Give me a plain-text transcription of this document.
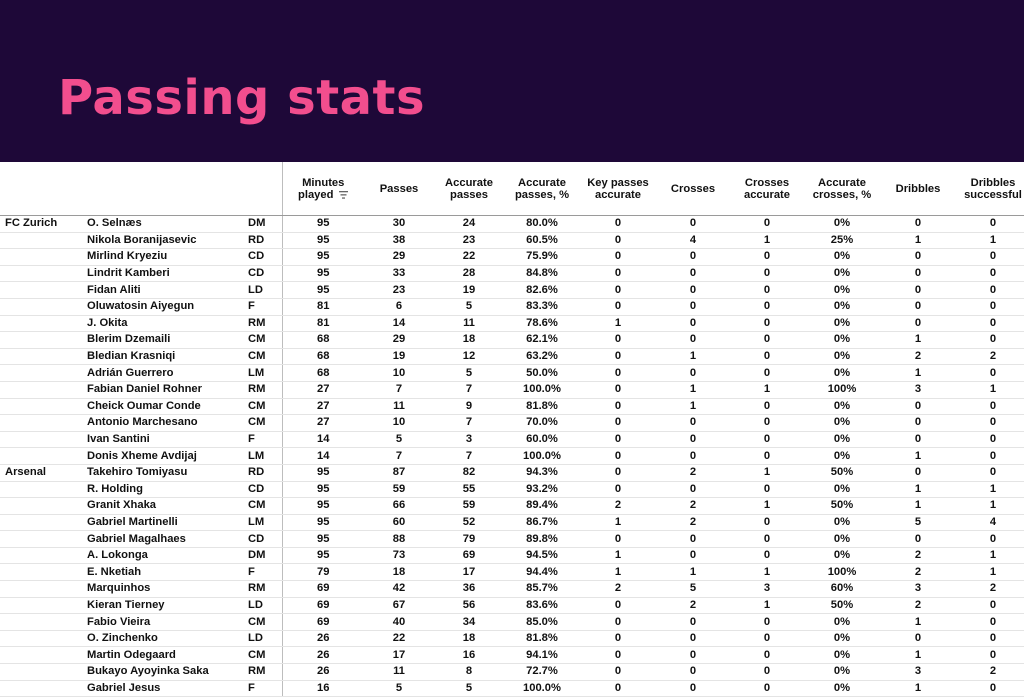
Passing stats
			Minutes played	Passes	Accurate passes	Accurate passes, %	Key passes accurate	Crosses	Crosses accurate	Accurate crosses, %	Dribbles	Dribbles successful
FC Zurich	O. Selnæs	DM	95	30	24	80.0%	0	0	0	0%	0	0
	Nikola Boranijasevic	RD	95	38	23	60.5%	0	4	1	25%	1	1
	Mirlind Kryeziu	CD	95	29	22	75.9%	0	0	0	0%	0	0
	Lindrit Kamberi	CD	95	33	28	84.8%	0	0	0	0%	0	0
	Fidan Aliti	LD	95	23	19	82.6%	0	0	0	0%	0	0
	Oluwatosin Aiyegun	F	81	6	5	83.3%	0	0	0	0%	0	0
	J. Okita	RM	81	14	11	78.6%	1	0	0	0%	0	0
	Blerim Dzemaili	CM	68	29	18	62.1%	0	0	0	0%	1	0
	Bledian Krasniqi	CM	68	19	12	63.2%	0	1	0	0%	2	2
	Adrián Guerrero	LM	68	10	5	50.0%	0	0	0	0%	1	0
	Fabian Daniel Rohner	RM	27	7	7	100.0%	0	1	1	100%	3	1
	Cheick Oumar Conde	CM	27	11	9	81.8%	0	1	0	0%	0	0
	Antonio Marchesano	CM	27	10	7	70.0%	0	0	0	0%	0	0
	Ivan Santini	F	14	5	3	60.0%	0	0	0	0%	0	0
	Donis Xheme Avdijaj	LM	14	7	7	100.0%	0	0	0	0%	1	0
Arsenal	Takehiro Tomiyasu	RD	95	87	82	94.3%	0	2	1	50%	0	0
	R. Holding	CD	95	59	55	93.2%	0	0	0	0%	1	1
	Granit Xhaka	CM	95	66	59	89.4%	2	2	1	50%	1	1
	Gabriel Martinelli	LM	95	60	52	86.7%	1	2	0	0%	5	4
	Gabriel Magalhaes	CD	95	88	79	89.8%	0	0	0	0%	0	0
	A. Lokonga	DM	95	73	69	94.5%	1	0	0	0%	2	1
	E. Nketiah	F	79	18	17	94.4%	1	1	1	100%	2	1
	Marquinhos	RM	69	42	36	85.7%	2	5	3	60%	3	2
	Kieran Tierney	LD	69	67	56	83.6%	0	2	1	50%	2	0
	Fabio Vieira	CM	69	40	34	85.0%	0	0	0	0%	1	0
	O. Zinchenko	LD	26	22	18	81.8%	0	0	0	0%	0	0
	Martin Odegaard	CM	26	17	16	94.1%	0	0	0	0%	1	0
	Bukayo Ayoyinka Saka	RM	26	11	8	72.7%	0	0	0	0%	3	2
	Gabriel Jesus	F	16	5	5	100.0%	0	0	0	0%	1	0
